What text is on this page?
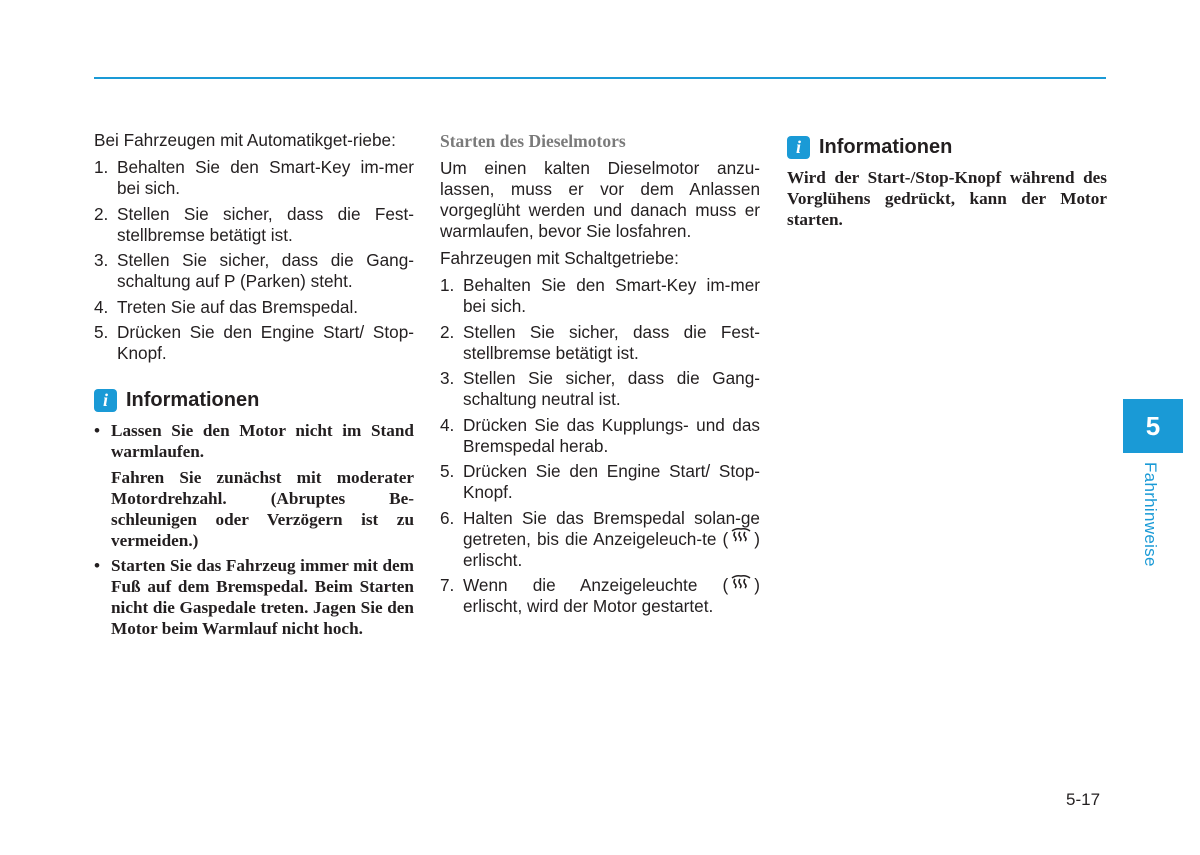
Bei Fahrzeugen mit Automatikget-riebe:

1. Behalten Sie den Smart-Key im-mer bei sich.
2. Stellen Sie sicher, dass die Fest-stellbremse betätigt ist.
3. Stellen Sie sicher, dass die Gang-schaltung auf P (Parken) steht.
4. Treten Sie auf das Bremspedal.
5. Drücken Sie den Engine Start/ Stop-Knopf.
i Informationen
• Lassen Sie den Motor nicht im Stand warmlaufen.

Fahren Sie zunächst mit moderater Motordrehzahl. (Abruptes Be-schleunigen oder Verzögern ist zu vermeiden.)

• Starten Sie das Fahrzeug immer mit dem Fuß auf dem Bremspedal. Beim Starten nicht die Gaspedale treten. Jagen Sie den Motor beim Warmlauf nicht hoch.

Starten des Dieselmotors

Um einen kalten Dieselmotor anzu-lassen, muss er vor dem Anlassen vorgeglüht werden und danach muss er warmlaufen, bevor Sie losfahren.

Fahrzeugen mit Schaltgetriebe:

1. Behalten Sie den Smart-Key im-mer bei sich.
2. Stellen Sie sicher, dass die Fest-stellbremse betätigt ist.
3. Stellen Sie sicher, dass die Gang-schaltung neutral ist.
4. Drücken Sie das Kupplungs- und das Bremspedal herab.
5. Drücken Sie den Engine Start/ Stop-Knopf.
6. Halten Sie das Bremspedal solan-ge getreten, bis die Anzeigeleuch-te ( ) erlischt.
7. Wenn die Anzeigeleuchte ( ) erlischt, wird der Motor gestartet.
i Informationen

Wird der Start-/Stop-Knopf während des Vorglühens gedrückt, kann der Motor starten.

5
Fahrhinweise
5-17
